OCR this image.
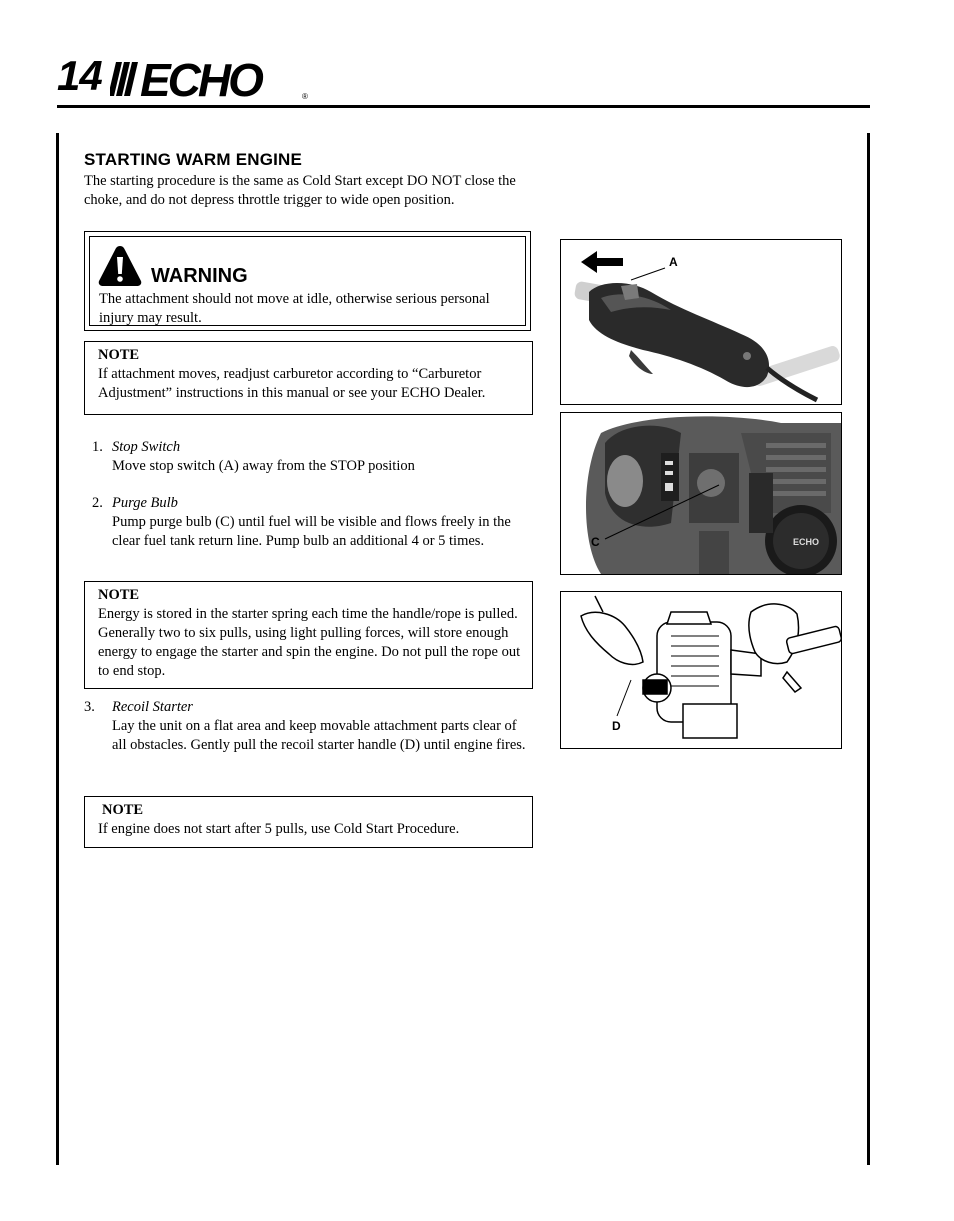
14 ECHO	®
STARTING WARM ENGINE
The starting procedure is the same as Cold Start except DO NOT close the choke, and do not depress throttle trigger to wide open position.
WARNING
The attachment should not move at idle, otherwise serious personal injury may result.
NOTE
If attachment moves, readjust carburetor according to “Carburetor Adjustment” instructions in this manual or see your ECHO Dealer.
1. Stop Switch
Move stop switch (A) away from the STOP position
2. Purge Bulb
Pump purge bulb (C) until fuel will be visible and flows freely in the clear fuel tank return line. Pump bulb an additional 4 or 5 times.
NOTE
Energy is stored in the starter spring each time the handle/rope is pulled. Generally two to six pulls, using light pulling forces, will store enough energy to engage the starter and spin the engine. Do not pull the rope out to end stop.
3. Recoil Starter
Lay the unit on a flat area and keep movable attachment parts clear of all obstacles. Gently pull the recoil starter handle (D) until engine fires.
NOTE
If engine does not start after 5 pulls, use Cold Start Procedure.
A
ECHO
C
D
